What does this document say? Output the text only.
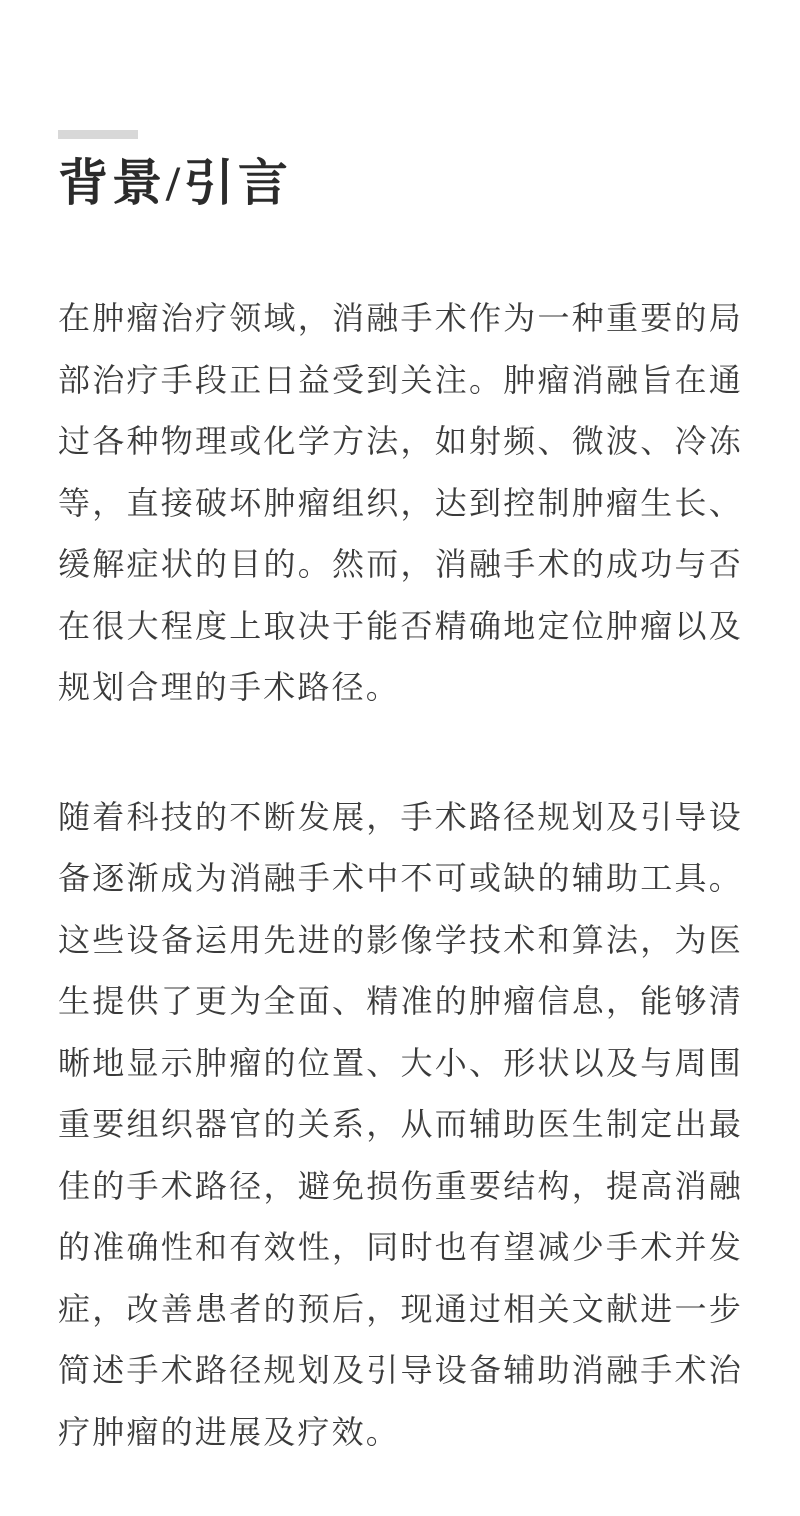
背景/引言

在肿瘤治疗领域，消融手术作为一种重要的局部治疗手段正日益受到关注。肿瘤消融旨在通过各种物理或化学方法，如射频、微波、冷冻等，直接破坏肿瘤组织，达到控制肿瘤生长、缓解症状的目的。然而，消融手术的成功与否在很大程度上取决于能否精确地定位肿瘤以及规划合理的手术路径。

随着科技的不断发展，手术路径规划及引导设备逐渐成为消融手术中不可或缺的辅助工具。这些设备运用先进的影像学技术和算法，为医生提供了更为全面、精准的肿瘤信息，能够清晰地显示肿瘤的位置、大小、形状以及与周围重要组织器官的关系，从而辅助医生制定出最佳的手术路径，避免损伤重要结构，提高消融的准确性和有效性，同时也有望减少手术并发症，改善患者的预后，现通过相关文献进一步简述手术路径规划及引导设备辅助消融手术治疗肿瘤的进展及疗效。
